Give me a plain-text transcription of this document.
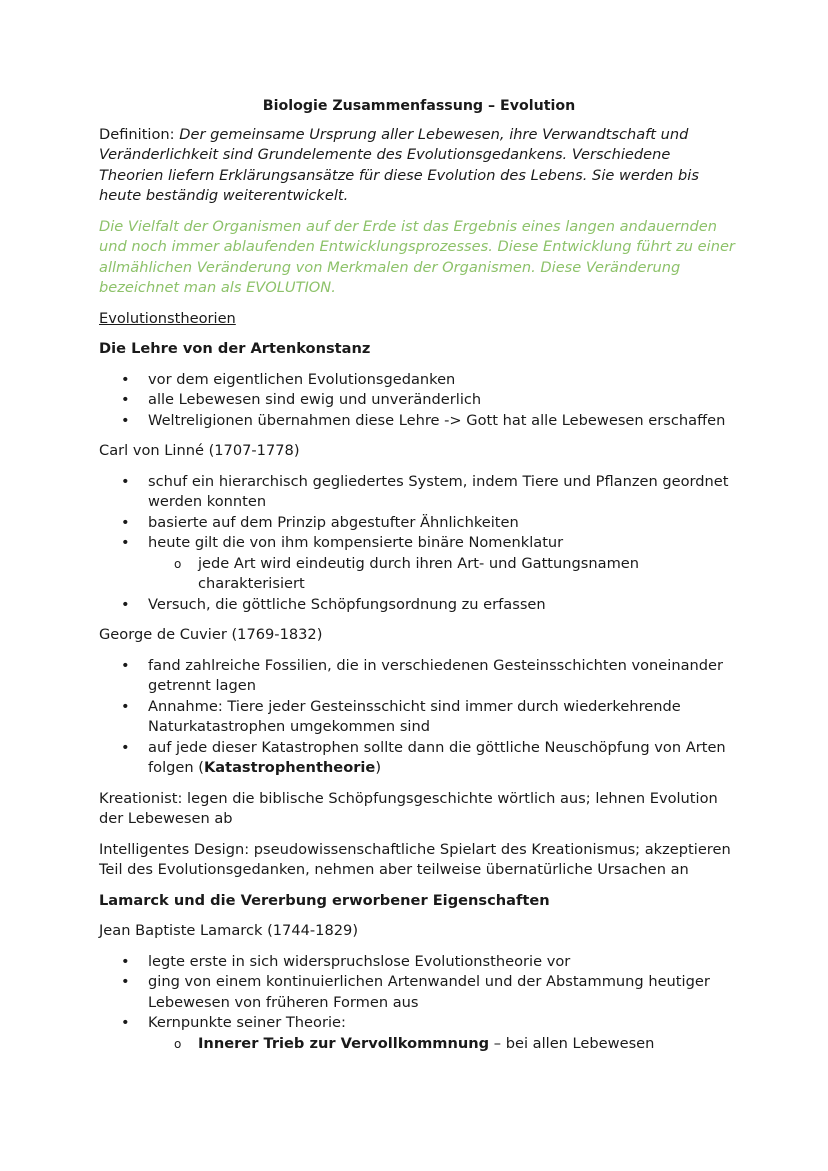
Biologie Zusammenfassung – Evolution

Definition: Der gemeinsame Ursprung aller Lebewesen, ihre Verwandtschaft und Veränderlichkeit sind Grundelemente des Evolutionsgedankens. Verschiedene Theorien liefern Erklärungsansätze für diese Evolution des Lebens. Sie werden bis heute beständig weiterentwickelt.

Die Vielfalt der Organismen auf der Erde ist das Ergebnis eines langen andauernden und noch immer ablaufenden Entwicklungsprozesses. Diese Entwicklung führt zu einer allmählichen Veränderung von Merkmalen der Organismen. Diese Veränderung bezeichnet man als EVOLUTION.

Evolutionstheorien

Die Lehre von der Artenkonstanz
• vor dem eigentlichen Evolutionsgedanken
• alle Lebewesen sind ewig und unveränderlich
• Weltreligionen übernahmen diese Lehre -> Gott hat alle Lebewesen erschaffen

Carl von Linné (1707-1778)

• schuf ein hierarchisch gegliedertes System, indem Tiere und Pflanzen geordnet werden konnten
• basierte auf dem Prinzip abgestufter Ähnlichkeiten
• heute gilt die von ihm kompensierte binäre Nomenklatur
o jede Art wird eindeutig durch ihren Art- und Gattungsnamen charakterisiert
• Versuch, die göttliche Schöpfungsordnung zu erfassen

George de Cuvier (1769-1832)

• fand zahlreiche Fossilien, die in verschiedenen Gesteinsschichten voneinander getrennt lagen
• Annahme: Tiere jeder Gesteinsschicht sind immer durch wiederkehrende Naturkatastrophen umgekommen sind
• auf jede dieser Katastrophen sollte dann die göttliche Neuschöpfung von Arten folgen (Katastrophentheorie)

Kreationist: legen die biblische Schöpfungsgeschichte wörtlich aus; lehnen Evolution der Lebewesen ab

Intelligentes Design: pseudowissenschaftliche Spielart des Kreationismus; akzeptieren Teil des Evolutionsgedanken, nehmen aber teilweise übernatürliche Ursachen an

Lamarck und die Vererbung erworbener Eigenschaften

Jean Baptiste Lamarck (1744-1829)

• legte erste in sich widerspruchslose Evolutionstheorie vor
• ging von einem kontinuierlichen Artenwandel und der Abstammung heutiger Lebewesen von früheren Formen aus
• Kernpunkte seiner Theorie:
o Innerer Trieb zur Vervollkommnung – bei allen Lebewesen
